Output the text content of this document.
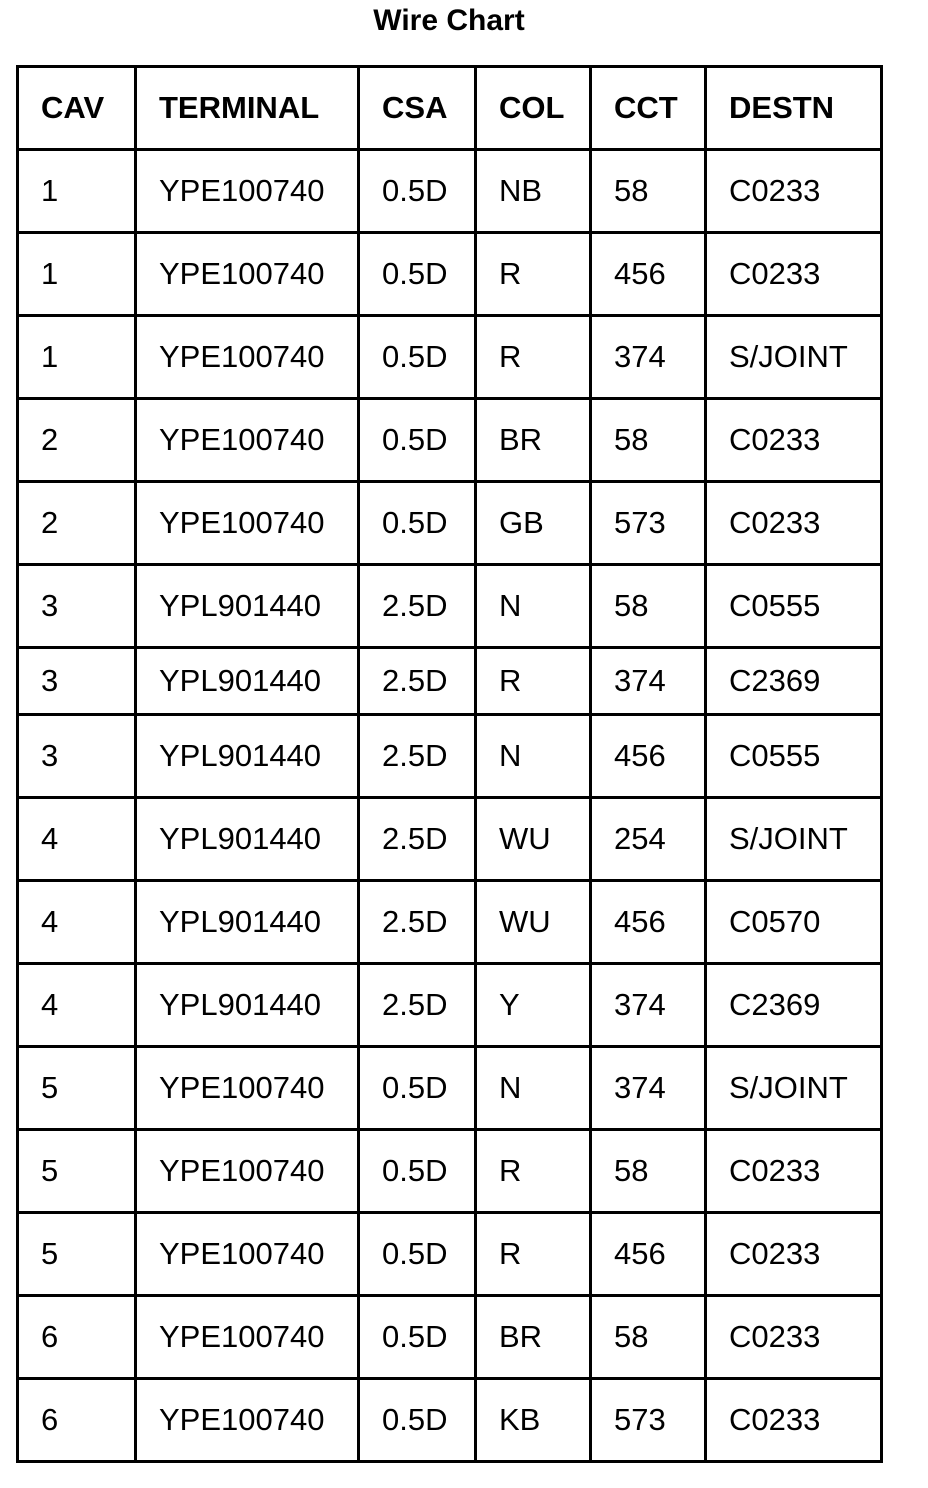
Wire Chart
CAV	TERMINAL	CSA	COL	CCT	DESTN
1	YPE100740	0.5D	NB	58	C0233
1	YPE100740	0.5D	R	456	C0233
1	YPE100740	0.5D	R	374	S/JOINT
2	YPE100740	0.5D	BR	58	C0233
2	YPE100740	0.5D	GB	573	C0233
3	YPL901440	2.5D	N	58	C0555
3	YPL901440	2.5D	R	374	C2369
3	YPL901440	2.5D	N	456	C0555
4	YPL901440	2.5D	WU	254	S/JOINT
4	YPL901440	2.5D	WU	456	C0570
4	YPL901440	2.5D	Y	374	C2369
5	YPE100740	0.5D	N	374	S/JOINT
5	YPE100740	0.5D	R	58	C0233
5	YPE100740	0.5D	R	456	C0233
6	YPE100740	0.5D	BR	58	C0233
6	YPE100740	0.5D	KB	573	C0233
